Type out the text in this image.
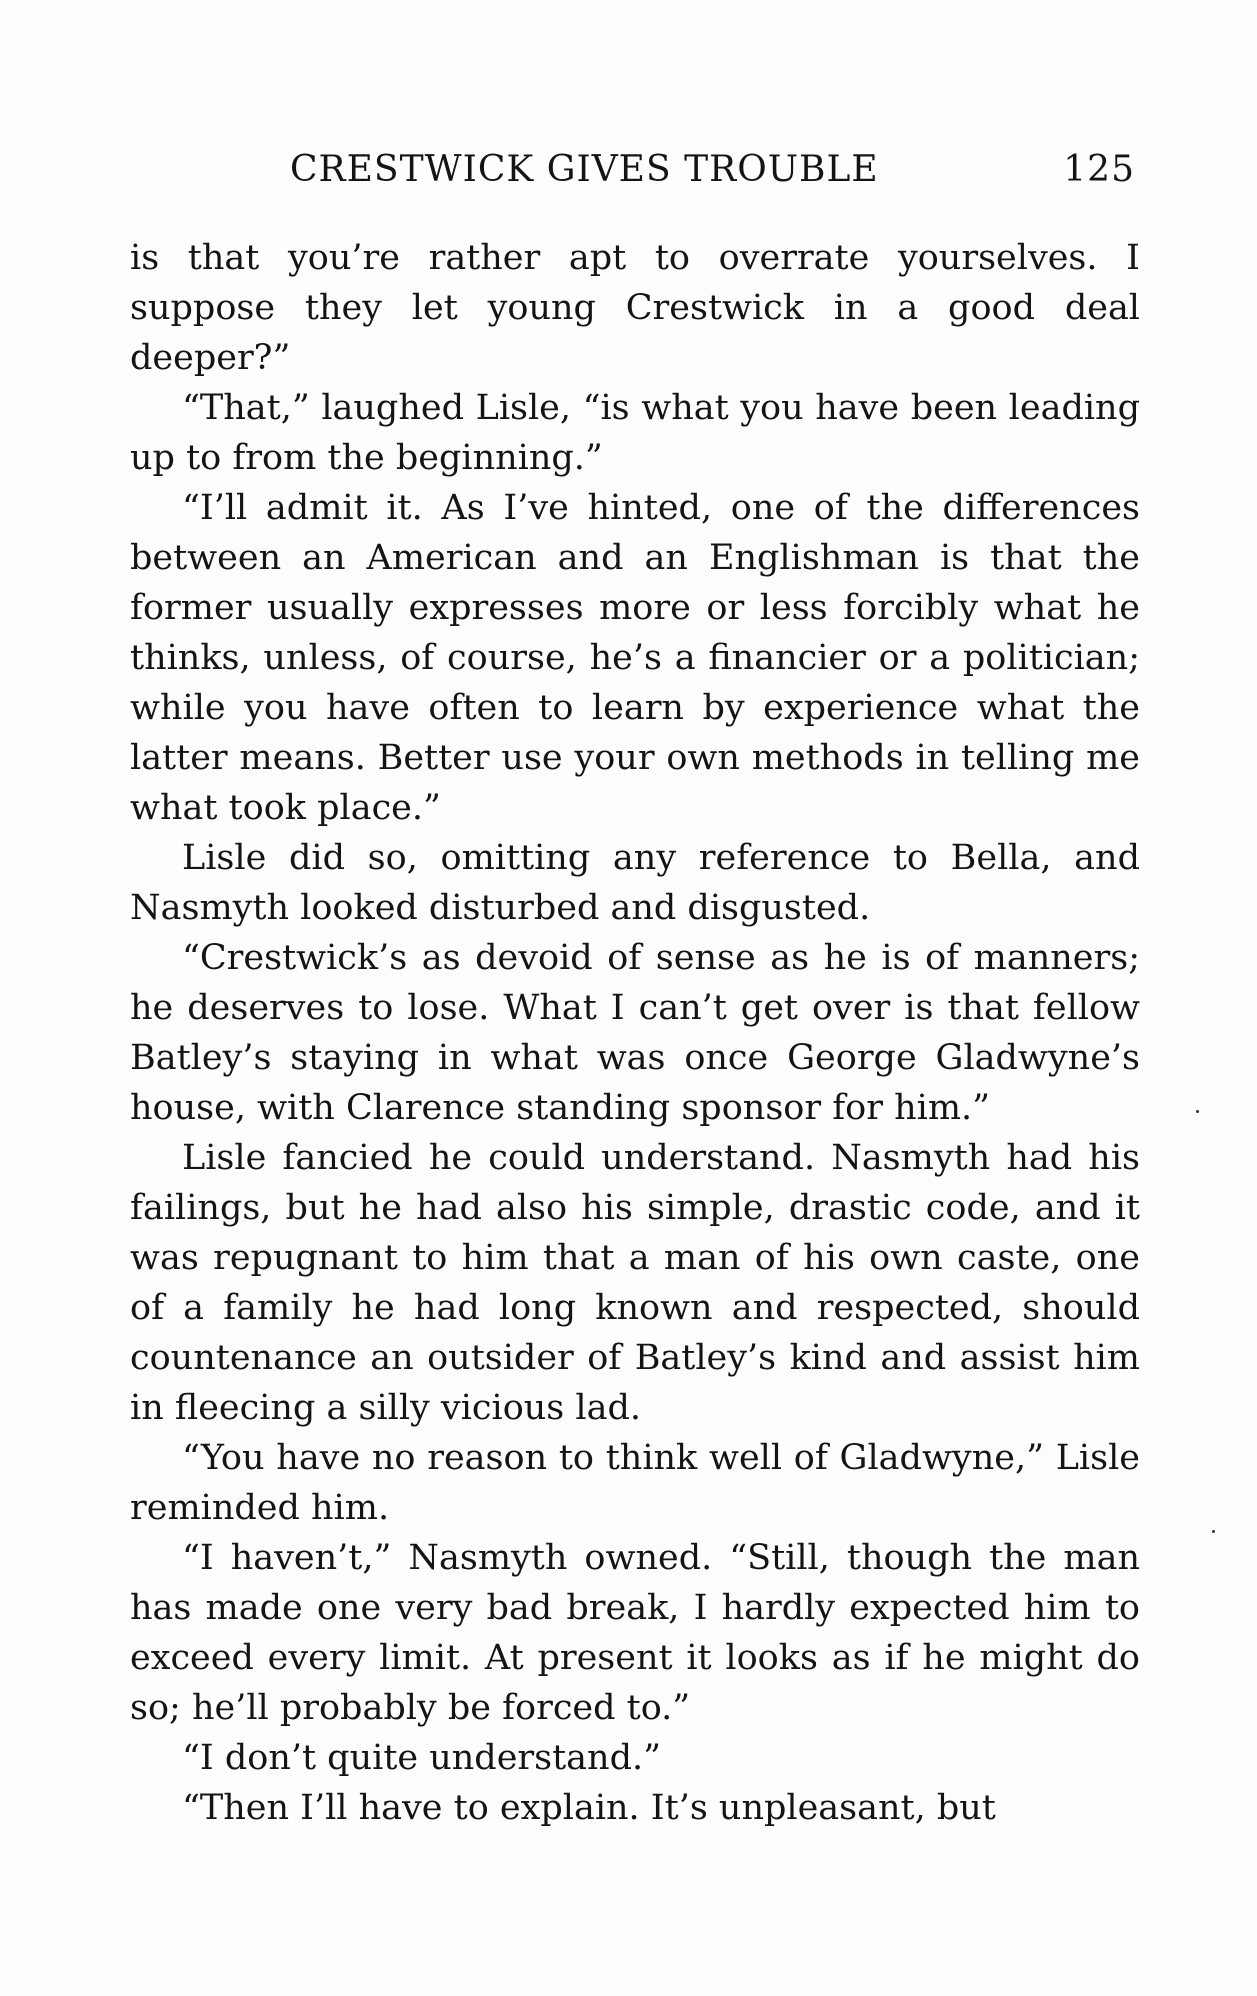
CRESTWICK GIVES TROUBLE	125

is that you’re rather apt to overrate yourselves. I suppose they let young Crestwick in a good deal deeper?”

“That,” laughed Lisle, “is what you have been leading up to from the beginning.”

“I’ll admit it. As I’ve hinted, one of the differences between an American and an Englishman is that the former usually expresses more or less forcibly what he thinks, unless, of course, he’s a financier or a politician; while you have often to learn by experience what the latter means. Better use your own methods in telling me what took place.”

Lisle did so, omitting any reference to Bella, and Nasmyth looked disturbed and disgusted.

“Crestwick’s as devoid of sense as he is of manners; he deserves to lose. What I can’t get over is that fellow Batley’s staying in what was once George Gladwyne’s house, with Clarence standing sponsor for him.”

Lisle fancied he could understand. Nasmyth had his failings, but he had also his simple, drastic code, and it was repugnant to him that a man of his own caste, one of a family he had long known and respected, should countenance an outsider of Batley’s kind and assist him in fleecing a silly vicious lad.

“You have no reason to think well of Gladwyne,” Lisle reminded him.

“I haven’t,” Nasmyth owned. “Still, though the man has made one very bad break, I hardly expected him to exceed every limit. At present it looks as if he might do so; he’ll probably be forced to.”

“I don’t quite understand.”

“Then I’ll have to explain. It’s unpleasant, but
